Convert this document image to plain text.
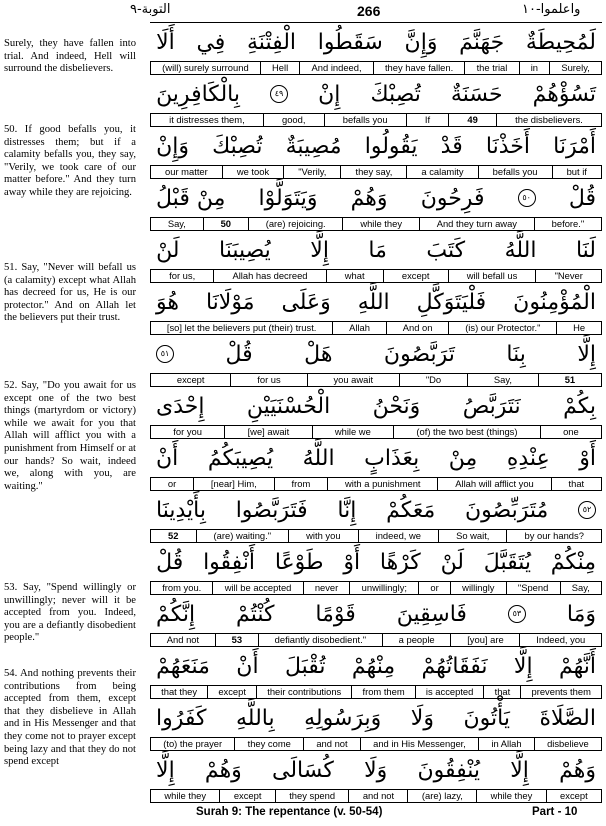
واعلموا-١٠
266
التوبة-٩
Surely, they have fallen into trial. And indeed, Hell will surround the disbelievers.
50. If good befalls you, it distresses them; but if a calamity befalls you, they say, "Verily, we took care of our matter before." And they turn away while they are rejoicing.
51. Say, "Never will befall us (a calamity) except what Allah has decreed for us, He is our protector." And on Allah let the believers put their trust.
52. Say, "Do you await for us except one of the two best things (martyrdom or victory) while we await for you that Allah will afflict you with a punishment from Himself or at our hands? So wait, indeed we, along with you, are waiting."
53. Say, "Spend willingly or unwillingly; never will it be accepted from you. Indeed, you are a defiantly disobedient people."
54. And nothing prevents their contributions from being accepted from them, except that they disbelieve in Allah and in His Messenger and that they come not to prayer except being lazy and that they do not spend except
لَمُحِيطَةٌ
جَهَنَّمَ
وَإِنَّ
سَقَطُوا
الْفِتْنَةِ
فِي
أَلَا
(will) surely surround	Hell	And indeed,	they have fallen.	the trial	in	Surely,
تَسُؤْهُمْ
حَسَنَةٌ
تُصِبْكَ
إِنْ
٤٩
بِالْكَافِرِينَ
it distresses them,	good,	befalls you	If	49	the disbelievers.
أَمْرَنَا
أَخَذْنَا
قَدْ
يَقُولُوا
مُصِيبَةٌ
تُصِبْكَ
وَإِنْ
our matter	we took	"Verily,	they say,	a calamity	befalls you	but if
قُلْ
٥٠
فَرِحُونَ
وَهُمْ
وَيَتَوَلَّوْا
مِنْ قَبْلُ
Say,	50	(are) rejoicing.	while they	And they turn away	before."
لَنَا
اللَّهُ
كَتَبَ
مَا
إِلَّا
يُصِيبَنَا
لَنْ
for us,	Allah has decreed	what	except	will befall us	"Never
الْمُؤْمِنُونَ
فَلْيَتَوَكَّلِ
اللَّهِ
وَعَلَى
مَوْلَانَا
هُوَ
[so] let the believers put (their) trust.	Allah	And on	(is) our Protector."	He
إِلَّا
بِنَا
تَرَبَّصُونَ
هَلْ
قُلْ
٥١
except	for us	you await	"Do	Say,	51
بِكُمْ
نَتَرَبَّصُ
وَنَحْنُ
الْحُسْنَيَيْنِ
إِحْدَى
for you	[we] await	while we	(of) the two best (things)	one
أَوْ
عِنْدِهِ
مِنْ
بِعَذَابٍ
اللَّهُ
يُصِيبَكُمُ
أَنْ
or	[near] Him,	from	with a punishment	Allah will afflict you	that
٥٢
مُتَرَبِّصُونَ
مَعَكُمْ
إِنَّا
فَتَرَبَّصُوا
بِأَيْدِينَا
52	(are) waiting."	with you	indeed, we	So wait,	by our hands?
مِنْكُمْ
يُتَقَبَّلَ
لَنْ
كَرْهًا
أَوْ
طَوْعًا
أَنْفِقُوا
قُلْ
from you.	will be accepted	never	unwillingly;	or	willingly	"Spend	Say,
وَمَا
٥٣
فَاسِقِينَ
قَوْمًا
كُنْتُمْ
إِنَّكُمْ
And not	53	defiantly disobedient."	a people	[you] are	Indeed, you
أَنَّهُمْ
إِلَّا
نَفَقَاتُهُمْ
مِنْهُمْ
تُقْبَلَ
أَنْ
مَنَعَهُمْ
that they	except	their contributions	from them	is accepted	that	prevents them
الصَّلَاةَ
يَأْتُونَ
وَلَا
وَبِرَسُولِهِ
بِاللَّهِ
كَفَرُوا
(to) the prayer	they come	and not	and in His Messenger,	in Allah	disbelieve
وَهُمْ
إِلَّا
يُنْفِقُونَ
وَلَا
كُسَالَى
وَهُمْ
إِلَّا
while they	except	they spend	and not	(are) lazy,	while they	except
Surah 9: The repentance (v. 50-54)	Part - 10
